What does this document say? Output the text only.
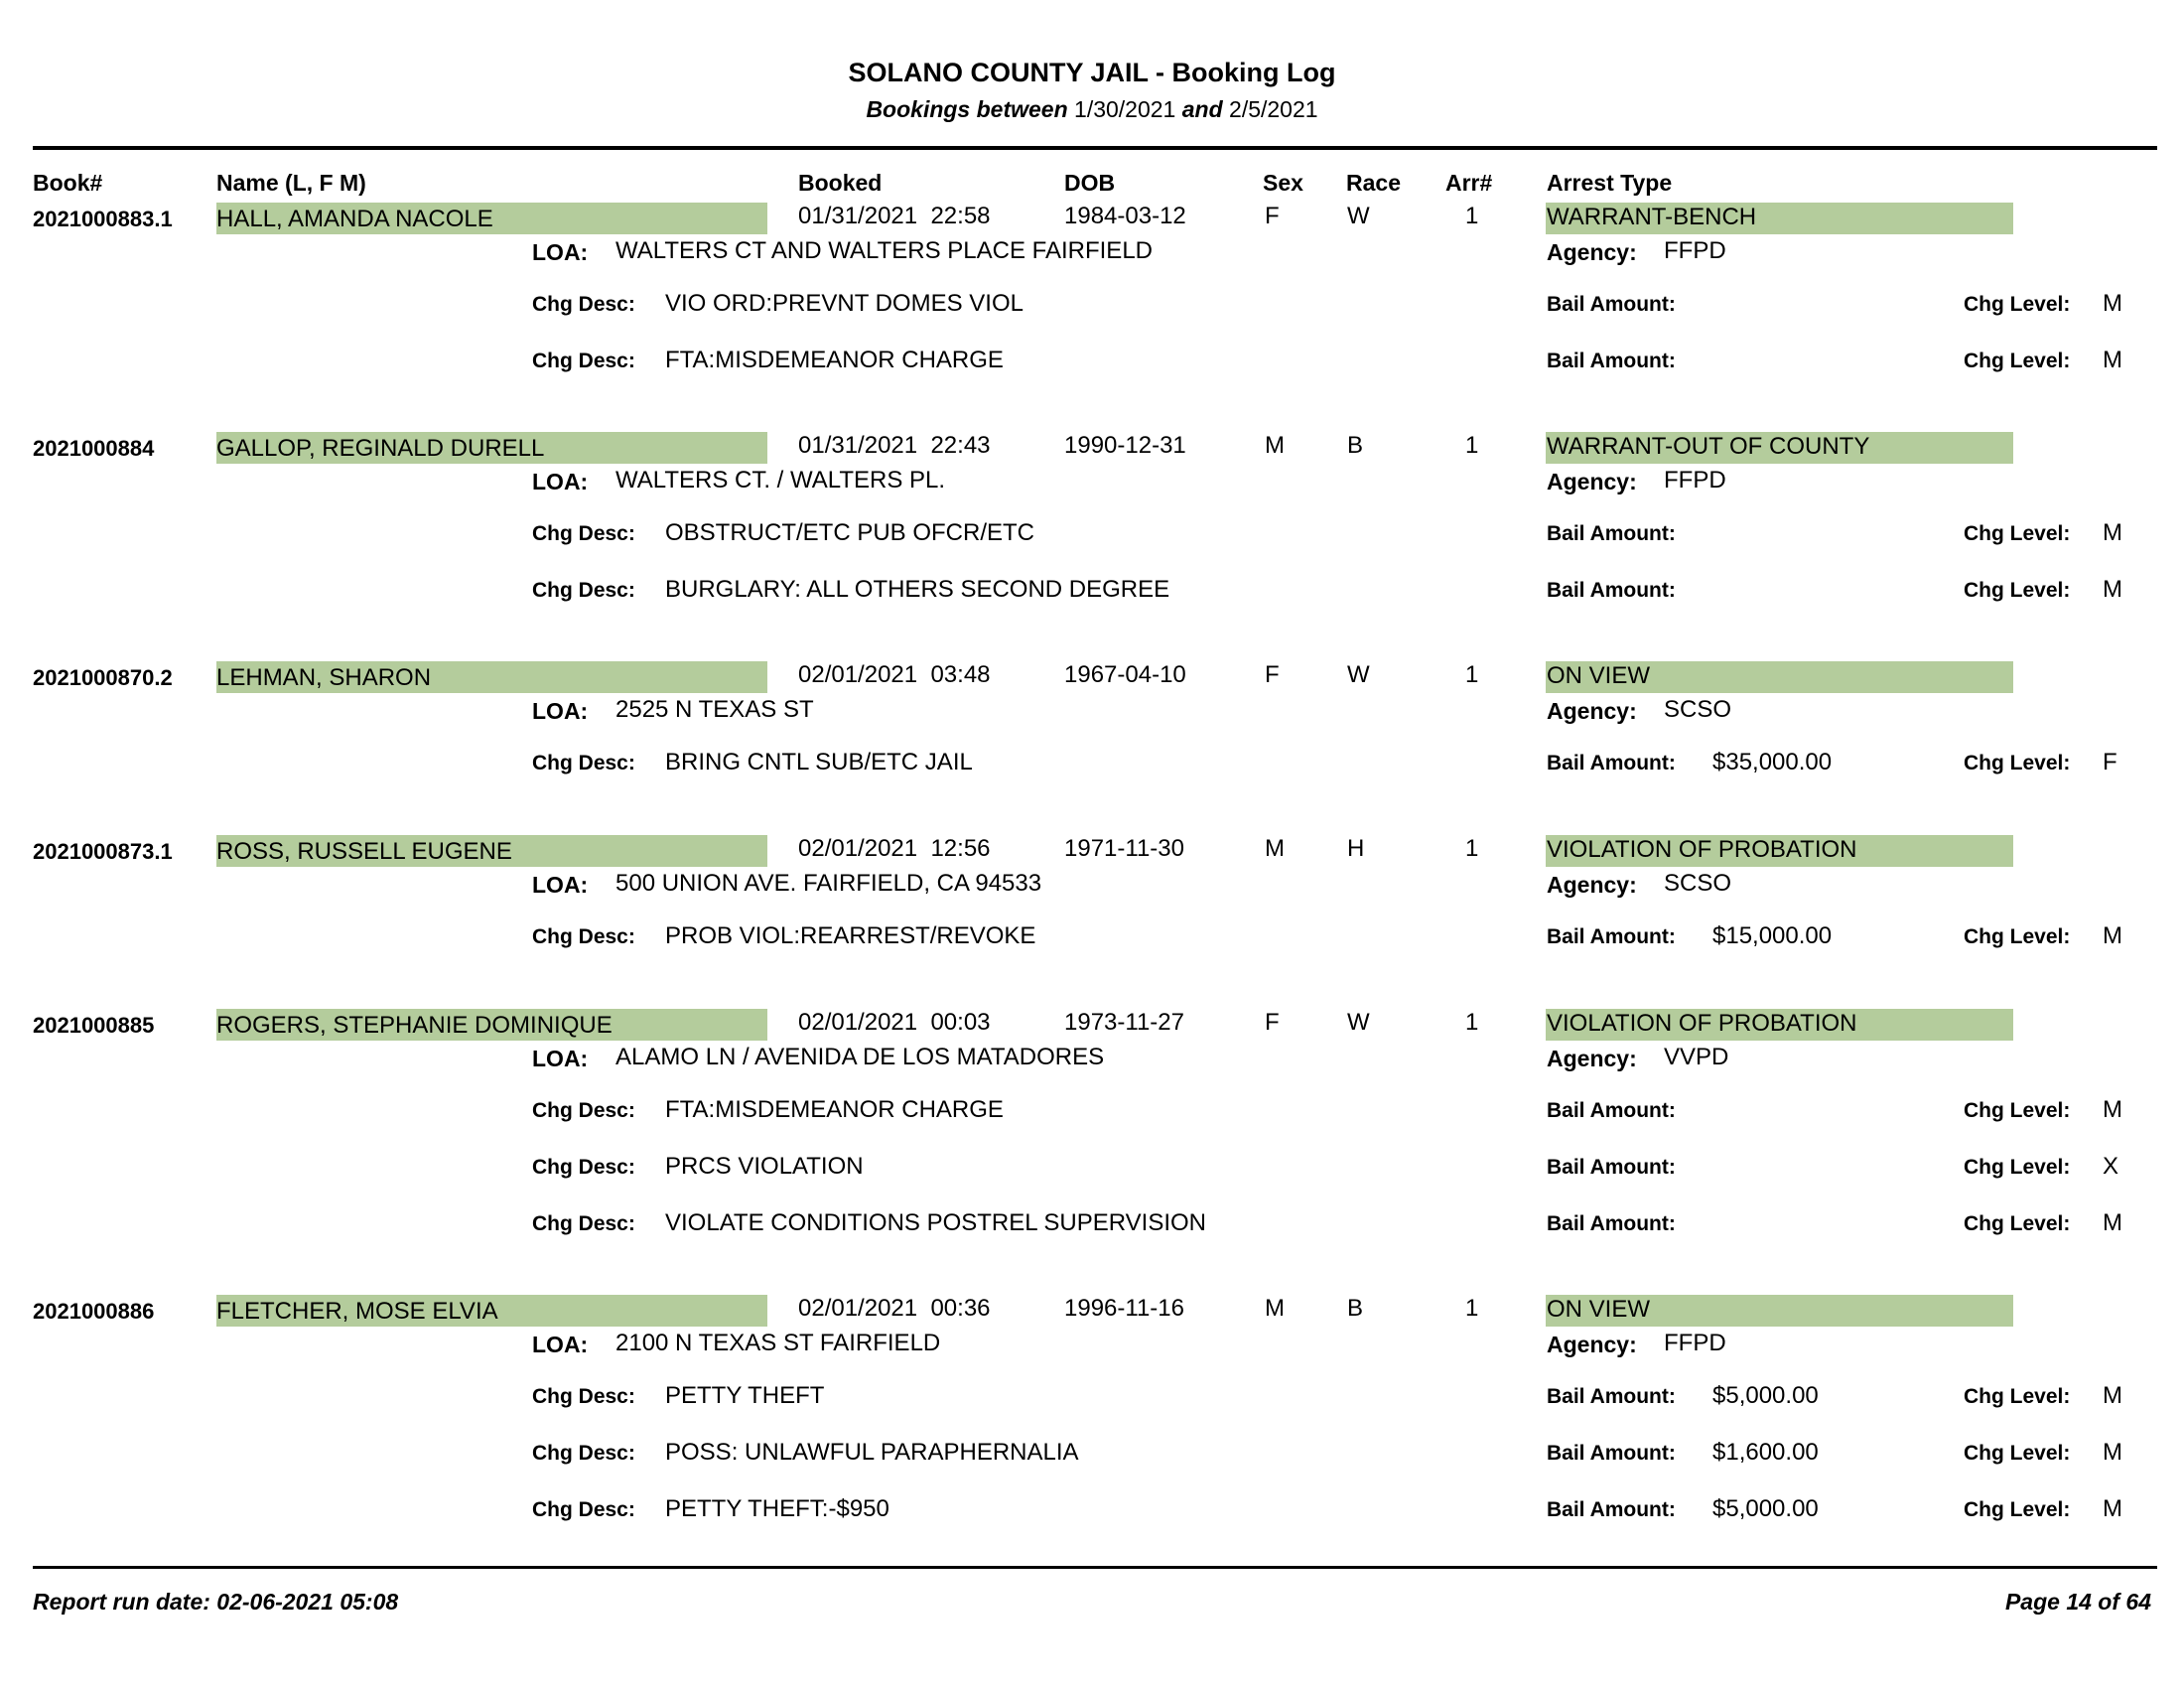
SOLANO COUNTY JAIL - Booking Log
Bookings between 1/30/2021 and 2/5/2021
Book#	Name (L, F M)	Booked	DOB	Sex Race Arr# Arrest Type
2021000883.1 HALL, AMANDA NACOLE	01/31/2021  22:58	1984-03-12	F	W	1	WARRANT-BENCH
LOA: WALTERS CT AND WALTERS PLACE FAIRFIELD	Agency: FFPD
Chg Desc: VIO ORD:PREVNT DOMES VIOL	Bail Amount:	Chg Level: M
Chg Desc: FTA:MISDEMEANOR CHARGE	Bail Amount:	Chg Level: M
2021000884	GALLOP, REGINALD DURELL	01/31/2021  22:43	1990-12-31	M	B	1	WARRANT-OUT OF COUNTY
LOA: WALTERS CT. / WALTERS PL.	Agency: FFPD
Chg Desc: OBSTRUCT/ETC PUB OFCR/ETC	Bail Amount:	Chg Level: M
Chg Desc: BURGLARY: ALL OTHERS SECOND DEGREE	Bail Amount:	Chg Level: M
2021000870.2 LEHMAN, SHARON	02/01/2021  03:48	1967-04-10	F	W	1	ON VIEW
LOA: 2525 N TEXAS ST	Agency: SCSO
Chg Desc: BRING CNTL SUB/ETC JAIL	Bail Amount: $35,000.00	Chg Level: F
2021000873.1 ROSS, RUSSELL EUGENE	02/01/2021  12:56	1971-11-30	M	H	1	VIOLATION OF PROBATION
LOA: 500 UNION AVE. FAIRFIELD, CA 94533	Agency: SCSO
Chg Desc: PROB VIOL:REARREST/REVOKE	Bail Amount: $15,000.00	Chg Level: M
2021000885	ROGERS, STEPHANIE DOMINIQUE	02/01/2021  00:03	1973-11-27	F	W	1	VIOLATION OF PROBATION
LOA: ALAMO LN / AVENIDA DE LOS MATADORES	Agency: VVPD
Chg Desc: FTA:MISDEMEANOR CHARGE	Bail Amount:	Chg Level: M
Chg Desc: PRCS VIOLATION	Bail Amount:	Chg Level: X
Chg Desc: VIOLATE CONDITIONS POSTREL SUPERVISION	Bail Amount:	Chg Level: M
2021000886	FLETCHER, MOSE ELVIA	02/01/2021  00:36	1996-11-16	M	B	1	ON VIEW
LOA: 2100 N TEXAS ST FAIRFIELD	Agency: FFPD
Chg Desc: PETTY THEFT	Bail Amount: $5,000.00	Chg Level: M
Chg Desc: POSS: UNLAWFUL PARAPHERNALIA	Bail Amount: $1,600.00	Chg Level: M
Chg Desc: PETTY THEFT:-$950	Bail Amount: $5,000.00	Chg Level: M
Report run date: 02-06-2021 05:08	Page 14 of 64
